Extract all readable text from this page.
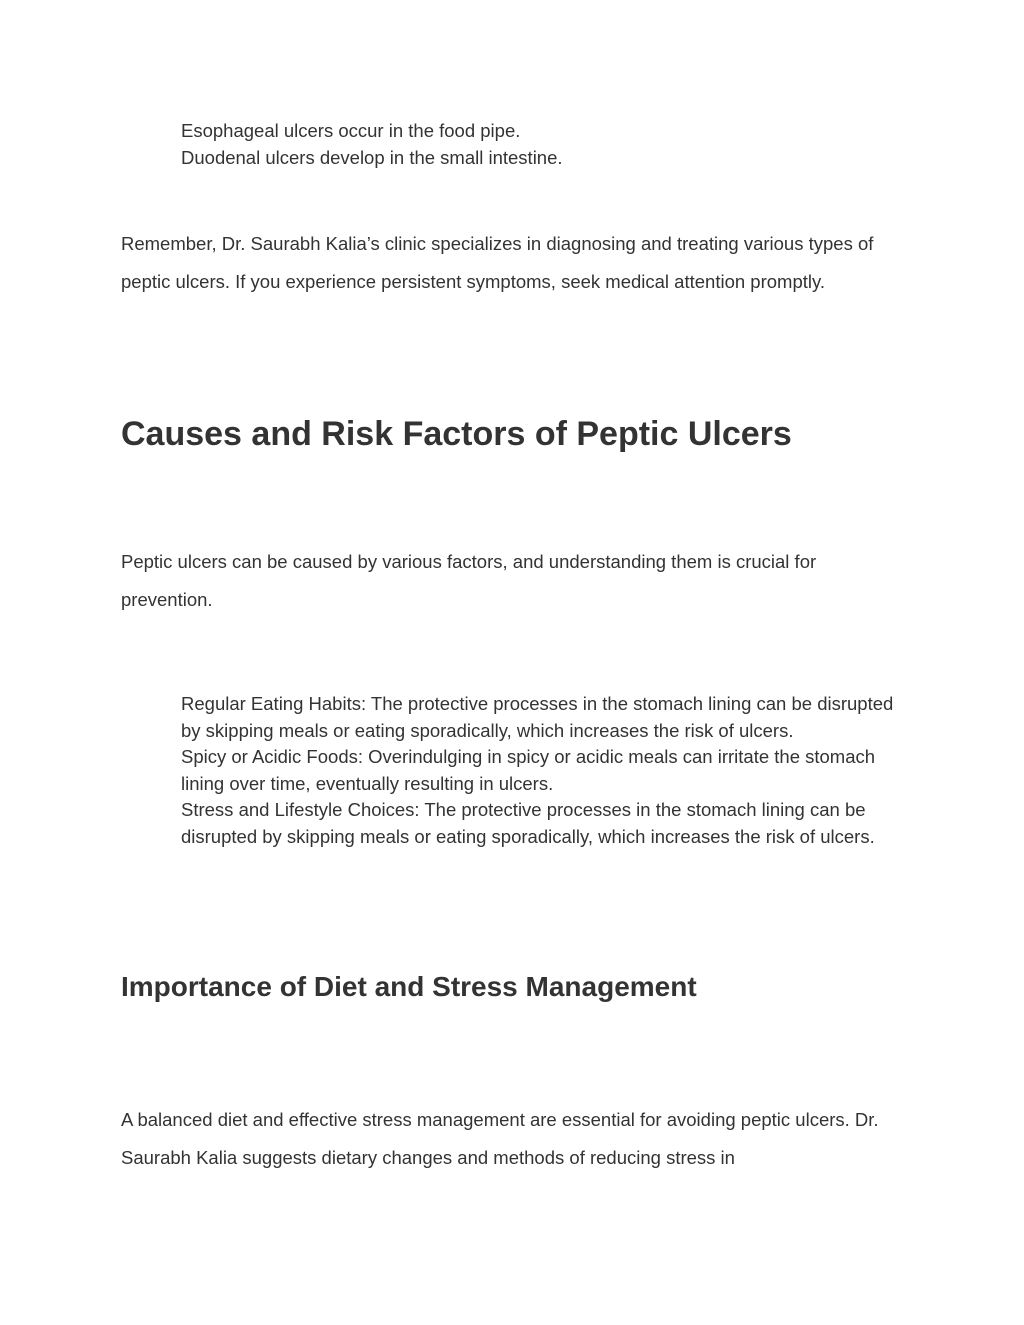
Esophageal ulcers occur in the food pipe.
Duodenal ulcers develop in the small intestine.

Remember, Dr. Saurabh Kalia’s clinic specializes in diagnosing and treating various types of peptic ulcers. If you experience persistent symptoms, seek medical attention promptly.

Causes and Risk Factors of Peptic Ulcers

Peptic ulcers can be caused by various factors, and understanding them is crucial for prevention.

Regular Eating Habits: The protective processes in the stomach lining can be disrupted by skipping meals or eating sporadically, which increases the risk of ulcers.
Spicy or Acidic Foods: Overindulging in spicy or acidic meals can irritate the stomach lining over time, eventually resulting in ulcers.
Stress and Lifestyle Choices: The protective processes in the stomach lining can be disrupted by skipping meals or eating sporadically, which increases the risk of ulcers.
Importance of Diet and Stress Management

A balanced diet and effective stress management are essential for avoiding peptic ulcers. Dr. Saurabh Kalia suggests dietary changes and methods of reducing stress in
